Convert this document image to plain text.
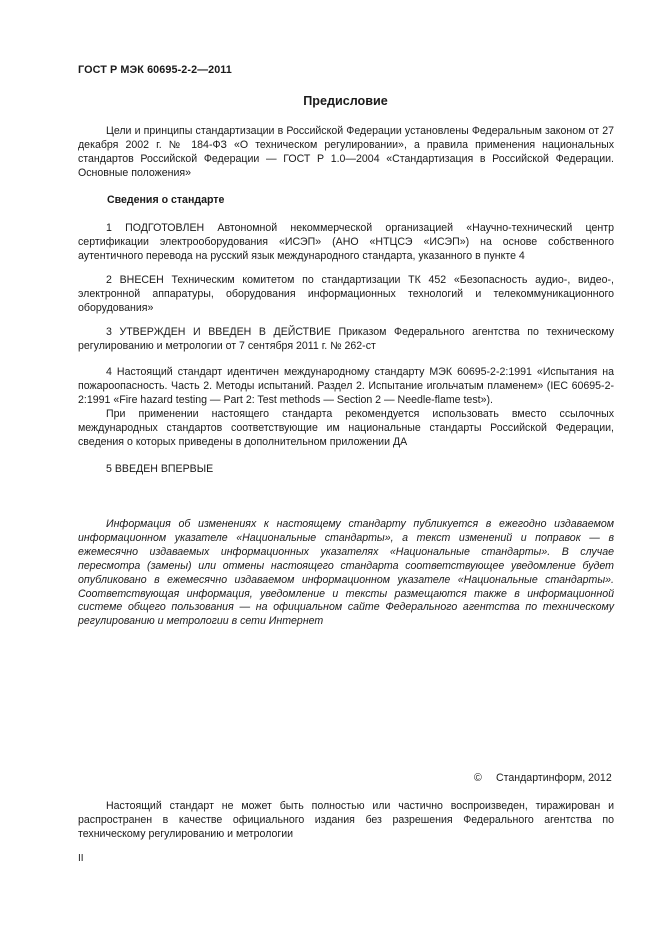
ГОСТ Р МЭК 60695-2-2—2011
Предисловие

Цели и принципы стандартизации в Российской Федерации установлены Федеральным законом от 27 декабря 2002 г. № 184-ФЗ «О техническом регулировании», а правила применения национальных стандартов Российской Федерации — ГОСТ Р 1.0—2004 «Стандартизация в Российской Федерации. Основные положения»

Сведения о стандарте

1 ПОДГОТОВЛЕН Автономной некоммерческой организацией «Научно-технический центр сертификации электрооборудования «ИСЭП» (АНО «НТЦСЭ «ИСЭП») на основе собственного аутентичного перевода на русский язык международного стандарта, указанного в пункте 4

2 ВНЕСЕН Техническим комитетом по стандартизации ТК 452 «Безопасность аудио-, видео-, электронной аппаратуры, оборудования информационных технологий и телекоммуникационного оборудования»

3 УТВЕРЖДЕН И ВВЕДЕН В ДЕЙСТВИЕ Приказом Федерального агентства по техническому регулированию и метрологии от 7 сентября 2011 г. № 262-ст

4 Настоящий стандарт идентичен международному стандарту МЭК 60695-2-2:1991 «Испытания на пожароопасность. Часть 2. Методы испытаний. Раздел 2. Испытание игольчатым пламенем» (IEC 60695-2-2:1991 «Fire hazard testing — Part 2: Test methods — Section 2 — Needle-flame test»).

При применении настоящего стандарта рекомендуется использовать вместо ссылочных международных стандартов соответствующие им национальные стандарты Российской Федерации, сведения о которых приведены в дополнительном приложении ДА

5 ВВЕДЕН ВПЕРВЫЕ

Информация об изменениях к настоящему стандарту публикуется в ежегодно издаваемом информационном указателе «Национальные стандарты», а текст изменений и поправок — в ежемесячно издаваемых информационных указателях «Национальные стандарты». В случае пересмотра (замены) или отмены настоящего стандарта соответствующее уведомление будет опубликовано в ежемесячно издаваемом информационном указателе «Национальные стандарты». Соответствующая информация, уведомление и тексты размещаются также в информационной системе общего пользования — на официальном сайте Федерального агентства по техническому регулированию и метрологии в сети Интернет

© Стандартинформ, 2012

Настоящий стандарт не может быть полностью или частично воспроизведен, тиражирован и распространен в качестве официального издания без разрешения Федерального агентства по техническому регулированию и метрологии

II
